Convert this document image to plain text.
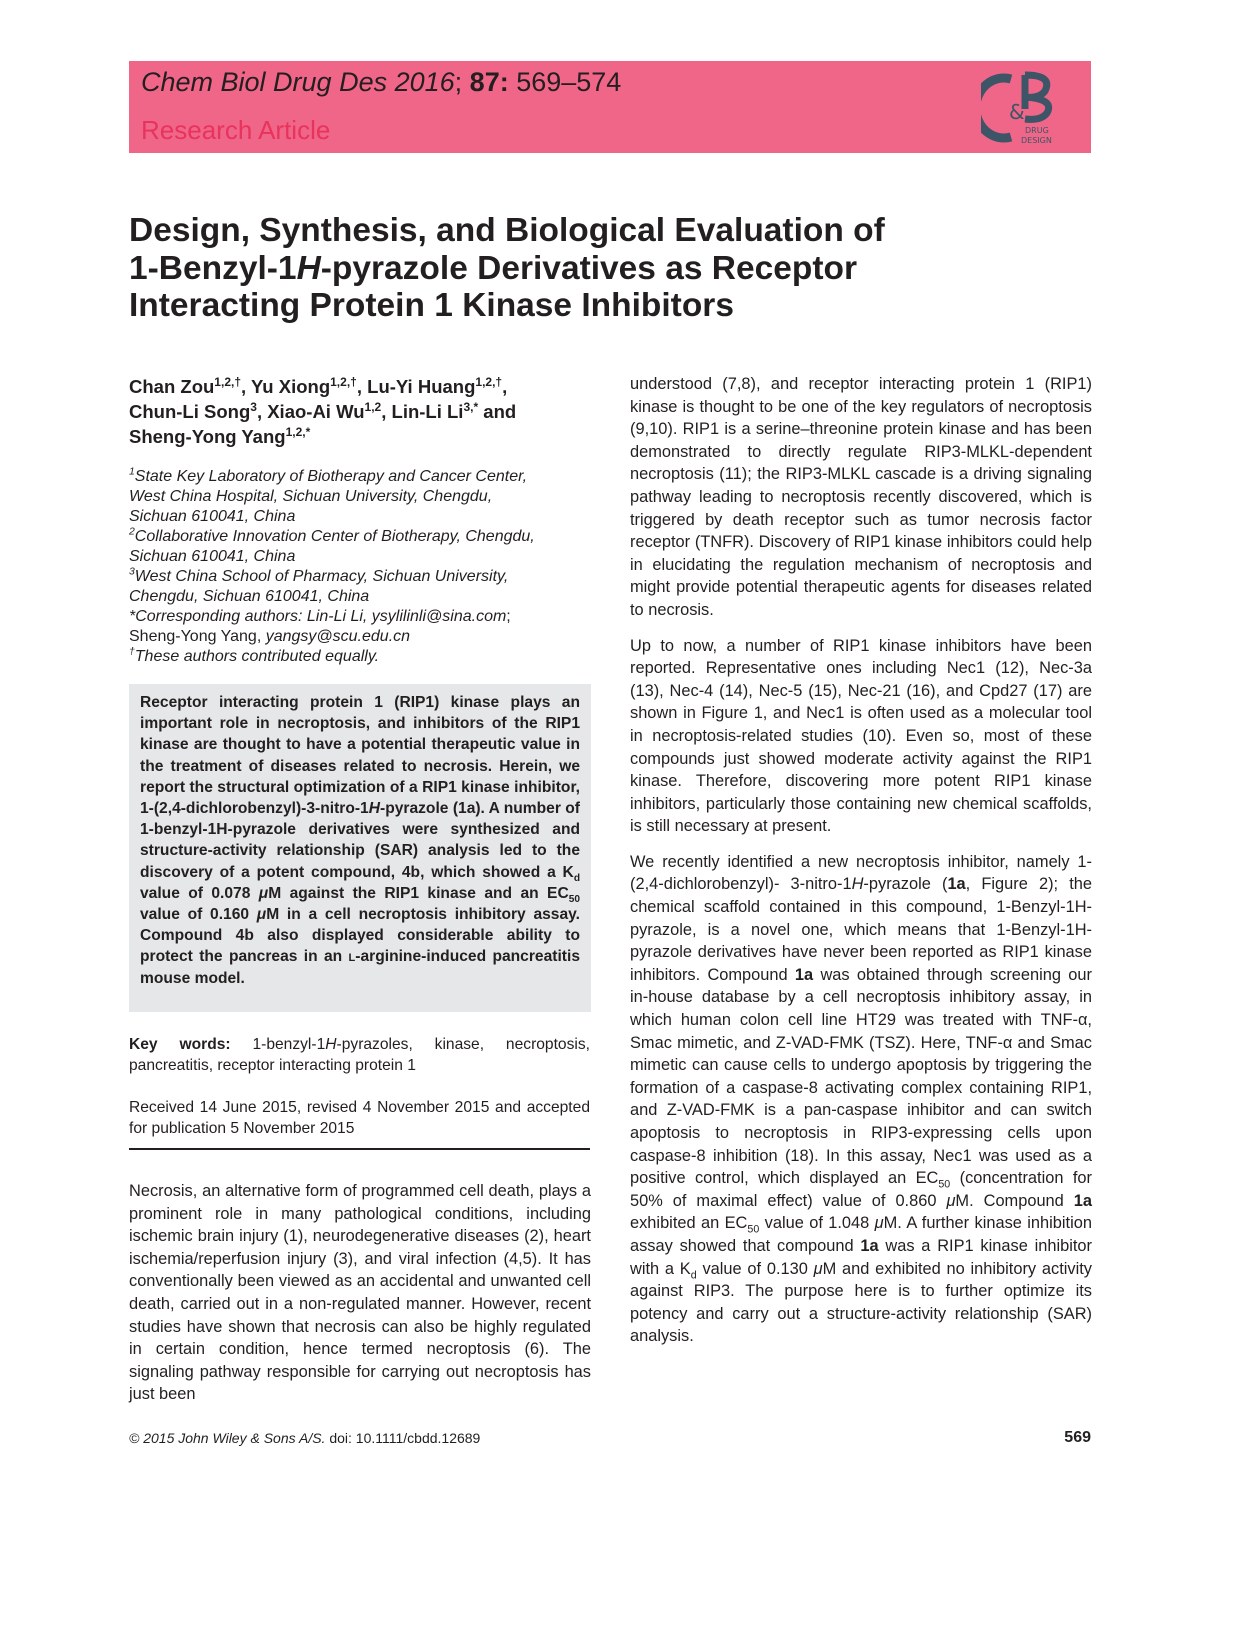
Chem Biol Drug Des 2016; 87: 569–574
Research Article
&
DRUG
DESIGN
Design, Synthesis, and Biological Evaluation of
1-Benzyl-1H-pyrazole Derivatives as Receptor
Interacting Protein 1 Kinase Inhibitors
Chan Zou$^{1,2,\dagger}$, Yu Xiong$^{1,2,\dagger}$, Lu-Yi Huang$^{1,2,\dagger}$,
Chun-Li Song$^3$, Xiao-Ai Wu$^{1,2}$, Lin-Li $Li^{3,*}$ and
Sheng-Yong Yang$^{1,2,*}$
$^1$State Key Laboratory of Biotherapy and Cancer Center,
West China Hospital, Sichuan University, Chengdu,
Sichuan 610041, China
$^2$Collaborative Innovation Center of Biotherapy, Chengdu,
Sichuan 610041, China
$^3$West China School of Pharmacy, Sichuan University,
Chengdu, Sichuan 610041, China
*Corresponding authors: Lin-Li Li, ysylilinli@sina.com;
Sheng-Yong Yang, yangsy@scu.edu.cn
†These authors contributed equally.
Receptor interacting protein 1 (RIP1) kinase plays an important role in necroptosis, and inhibitors of the RIP1 kinase are thought to have a potential therapeutic value in the treatment of diseases related to necrosis. Herein, we report the structural optimization of a RIP1 kinase inhibitor, 1-(2,4-dichlorobenzyl)-3-nitro-1H-pyrazole (1a). A number of 1-benzyl-1H-pyrazole derivatives were synthesized and structure-activity relationship (SAR) analysis led to the discovery of a potent compound, 4b, which showed a $K_d$ value of 0.078 μM against the RIP1 kinase and an $EC_{50}$ value of 0.160 μM in a cell necroptosis inhibitory assay. Compound 4b also displayed considerable ability to protect the pancreas in an l-arginine-induced pancreatitis mouse model.
Key words: 1-benzyl-1H-pyrazoles, kinase, necroptosis, pancreatitis, receptor interacting protein 1
Received 14 June 2015, revised 4 November 2015 and accepted for publication 5 November 2015

Necrosis, an alternative form of programmed cell death, plays a prominent role in many pathological conditions, including ischemic brain injury (1), neurodegenerative diseases (2), heart ischemia/reperfusion injury (3), and viral infection (4,5). It has conventionally been viewed as an accidental and unwanted cell death, carried out in a non-regulated manner. However, recent studies have shown that necrosis can also be highly regulated in certain condition, hence termed necroptosis (6). The signaling pathway responsible for carrying out necroptosis has just been

understood (7,8), and receptor interacting protein 1 (RIP1) kinase is thought to be one of the key regulators of necroptosis (9,10). RIP1 is a serine–threonine protein kinase and has been demonstrated to directly regulate RIP3-MLKL-dependent necroptosis (11); the RIP3-MLKL cascade is a driving signaling pathway leading to necroptosis recently discovered, which is triggered by death receptor such as tumor necrosis factor receptor (TNFR). Discovery of RIP1 kinase inhibitors could help in elucidating the regulation mechanism of necroptosis and might provide potential therapeutic agents for diseases related to necrosis.

Up to now, a number of RIP1 kinase inhibitors have been reported. Representative ones including Nec1 (12), Nec-3a (13), Nec-4 (14), Nec-5 (15), Nec-21 (16), and Cpd27 (17) are shown in Figure 1, and Nec1 is often used as a molecular tool in necroptosis-related studies (10). Even so, most of these compounds just showed moderate activity against the RIP1 kinase. Therefore, discovering more potent RIP1 kinase inhibitors, particularly those containing new chemical scaffolds, is still necessary at present.

We recently identified a new necroptosis inhibitor, namely 1-(2,4-dichlorobenzyl)- 3-nitro-1H-pyrazole (1a, Figure 2); the chemical scaffold contained in this compound, 1-Benzyl-1H-pyrazole, is a novel one, which means that 1-Benzyl-1H-pyrazole derivatives have never been reported as RIP1 kinase inhibitors. Compound 1a was obtained through screening our in-house database by a cell necroptosis inhibitory assay, in which human colon cell line HT29 was treated with TNF-α, Smac mimetic, and Z-VAD-FMK (TSZ). Here, TNF-α and Smac mimetic can cause cells to undergo apoptosis by triggering the formation of a caspase-8 activating complex containing RIP1, and Z-VAD-FMK is a pan-caspase inhibitor and can switch apoptosis to necroptosis in RIP3-expressing cells upon caspase-8 inhibition (18). In this assay, Nec1 was used as a positive control, which displayed an $EC_{50}$ (concentration for 50% of maximal effect) value of 0.860 μM. Compound 1a exhibited an $EC_{50}$ value of 1.048 μM. A further kinase inhibition assay showed that compound 1a was a RIP1 kinase inhibitor with a $K_d$ value of 0.130 μM and exhibited no inhibitory activity against RIP3. The purpose here is to further optimize its potency and carry out a structure-activity relationship (SAR) analysis.

© 2015 John Wiley & Sons A/S. doi: 10.1111/cbdd.12689	569
